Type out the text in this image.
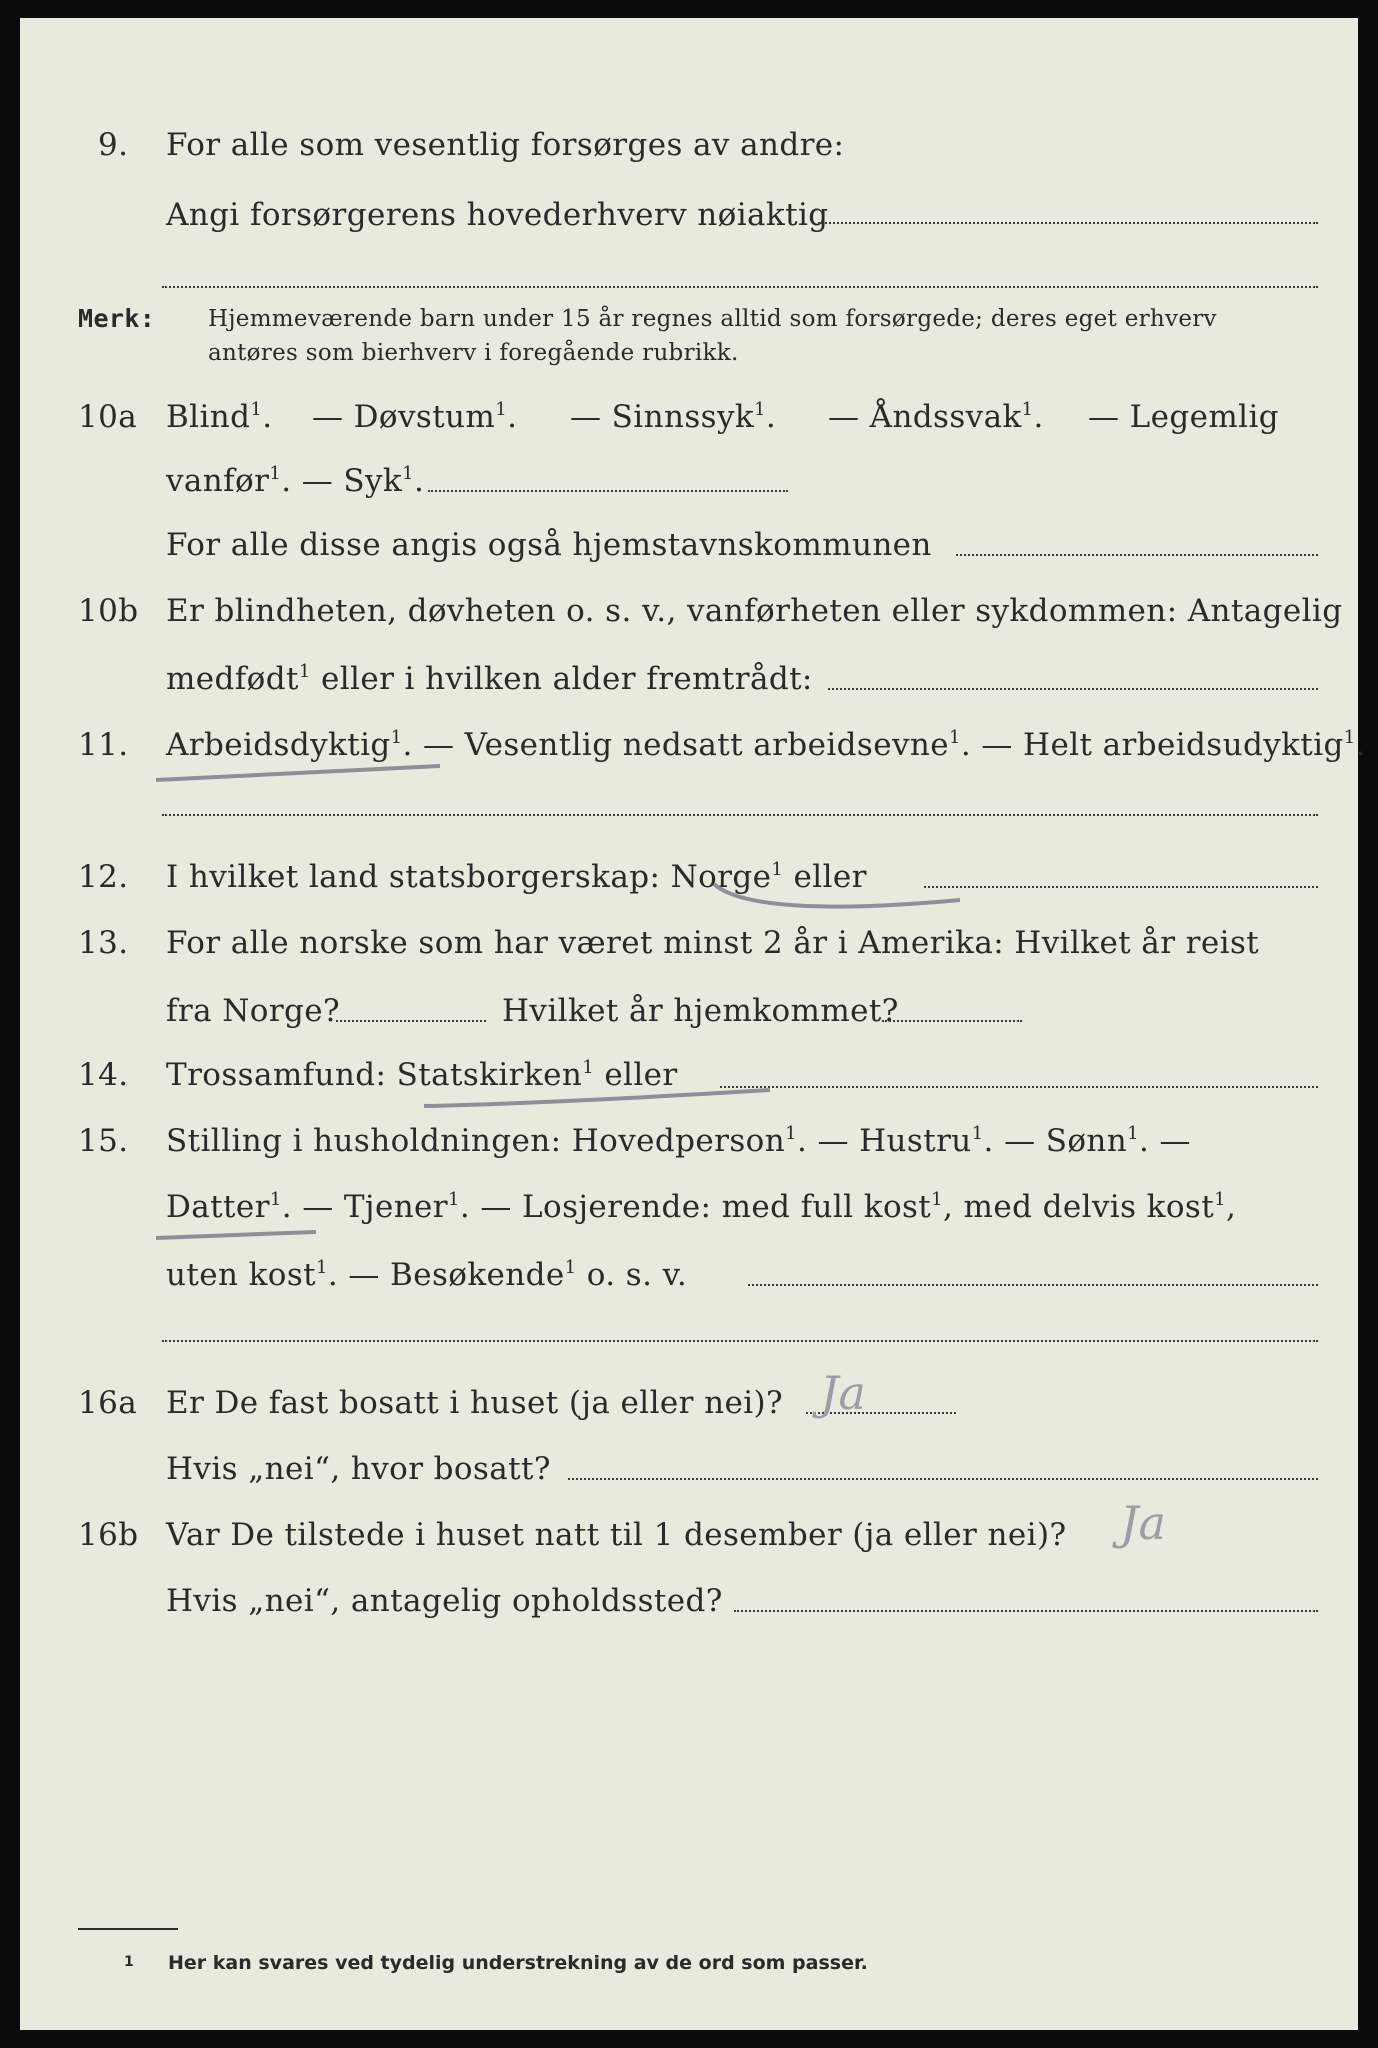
9. For alle som vesentlig forsørges av andre:
Angi forsørgerens hovederhverv nøiaktig
Merk: Hjemmeværende barn under 15 år regnes alltid som forsørgede; deres eget erhverv
antøres som bierhverv i foregående rubrikk.
10a Blind$^1$. — Døvstum$^1$. — Sinnssyk$^1$. — Åndssvak$^1$. — Legemlig
vanfør$^1$. — Syk$^1$.
For alle disse angis også hjemstavnskommunen
10b Er blindheten, døvheten o. s. v., vanførheten eller sykdommen: Antagelig
medfødt$^1$ eller i hvilken alder fremtrådt:
11. Arbeidsdyktig$^1$. — Vesentlig nedsatt arbeidsevne$^1$. — Helt arbeidsudyktig$^1$.
12. I hvilket land statsborgerskap: Norge$^1$ eller
13. For alle norske som har været minst 2 år i Amerika: Hvilket år reist
fra Norge?	Hvilket år hjemkommet?
14. Trossamfund: Statskirken$^1$ eller
15. Stilling i husholdningen: Hovedperson$^1$. — Hustru$^1$. — Sønn$^1$. —
Datter$^1$. — Tjener$^1$. — Losjerende: med full kost$^1$, med delvis kost$^1$,
uten kost$^1$. — Besøkende$^1$ o. s. v.
16a Er De fast bosatt i huset (ja eller nei)? Ja
Hvis „nei“, hvor bosatt?
16b Var De tilstede i huset natt til 1 desember (ja eller nei)? Ja
Hvis „nei“, antagelig opholdssted?
1 Her kan svares ved tydelig understrekning av de ord som passer.
